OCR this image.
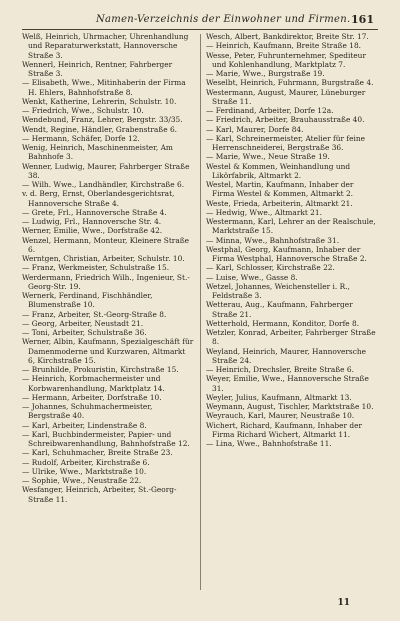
Namen-Verzeichnis der Einwohner und Firmen. 161

Welß, Heinrich, Uhrmacher, Uhrenhandlung und Reparaturwerkstatt, Hannoversche Straße 3.

Wennerl, Heinrich, Rentner, Fahrberger Straße 3.

— Elisabeth, Wwe., Mitinhaberin der Firma H. Ehlers, Bahnhofstraße 8.

Wenkt, Katherine, Lehrerin, Schulstr. 10.

— Friedrich, Wwe., Schulstr. 10.

Wendebund, Franz, Lehrer, Bergstr. 33/35.

Wendt, Regine, Händler, Grabenstraße 6.

— Hermann, Schäfer, Dorfe 12.

Wenig, Heinrich, Maschinenmeister, Am Bahnhofe 3.

Wenner, Ludwig, Maurer, Fahrberger Straße 38.

— Wilh. Wwe., Landhändler, Kirchstraße 6.

v. d. Berg, Ernst, Oberlandesgerichtsrat, Hannoversche Straße 4.

— Grete, Frl., Hannoversche Straße 4.

— Ludwig, Frl., Hannoversche Str. 4.

Werner, Emilie, Wwe., Dorfstraße 42.

Wenzel, Hermann, Monteur, Kleinere Straße 6.

Werntgen, Christian, Arbeiter, Schulstr. 10.

— Franz, Werkmeister, Schulstraße 15.

Werdermann, Friedrich Wilh., Ingenieur, St.-Georg-Str. 19.

Wernerk, Ferdinand, Fischhändler, Blumenstraße 10.

— Franz, Arbeiter, St.-Georg-Straße 8.

— Georg, Arbeiter, Neustadt 21.

— Toni, Arbeiter, Schulstraße 36.

Werner, Albin, Kaufmann, Spezialgeschäft für Damenmoderne und Kurzwaren, Altmarkt 6, Kirchstraße 15.

— Brunhilde, Prokuristin, Kirchstraße 15.

— Heinrich, Korbmachermeister und Korbwarenhandlung, Marktplatz 14.

— Hermann, Arbeiter, Dorfstraße 10.

— Johannes, Schuhmachermeister, Bergstraße 40.

— Karl, Arbeiter, Lindenstraße 8.

— Karl, Buchbindermeister, Papier- und Schreibwarenhandlung, Bahnhofstraße 12.

— Karl, Schuhmacher, Breite Straße 23.

— Rudolf, Arbeiter, Kirchstraße 6.

— Ulrike, Wwe., Marktstraße 10.

— Sophie, Wwe., Neustraße 22.

Wesfanger, Heinrich, Arbeiter, St.-Georg-Straße 11.

Wesch, Albert, Bankdirektor, Breite Str. 17.

— Heinrich, Kaufmann, Breite Straße 18.

Wesse, Peter, Fuhrunternehmer, Spediteur und Kohlenhandlung, Marktplatz 7.

— Marie, Wwe., Burgstraße 19.

Weselbt, Heinrich, Fuhrmann, Burgstraße 4.

Westermann, August, Maurer, Lüneburger Straße 11.

— Ferdinand, Arbeiter, Dorfe 12a.

— Friedrich, Arbeiter, Brauhausstraße 40.

— Karl, Maurer, Dorfe 84.

— Karl, Schreinermeister, Atelier für feine Herrenschneiderei, Bergstraße 36.

— Marie, Wwe., Neue Straße 19.

Westel & Kommen, Weinhandlung und Likörfabrik, Altmarkt 2.

Westel, Martin, Kaufmann, Inhaber der Firma Westel & Kommen, Altmarkt 2.

Weste, Frieda, Arbeiterin, Altmarkt 21.

— Hedwig, Wwe., Altmarkt 21.

Westermann, Karl, Lehrer an der Realschule, Marktstraße 15.

— Minna, Wwe., Bahnhofstraße 31.

Westphal, Georg, Kaufmann, Inhaber der Firma Westphal, Hannoversche Straße 2.

— Karl, Schlosser, Kirchstraße 22.

— Luise, Wwe., Gasse 8.

Wetzel, Johannes, Weichensteller i. R., Feldstraße 3.

Wetterau, Aug., Kaufmann, Fahrberger Straße 21.

Wetterhold, Hermann, Konditor, Dorfe 8.

Wetzler, Konrad, Arbeiter, Fahrberger Straße 8.

Weyland, Heinrich, Maurer, Hannoversche Straße 24.

— Heinrich, Drechsler, Breite Straße 6.

Weyer, Emilie, Wwe., Hannoversche Straße 31.

Weyler, Julius, Kaufmann, Altmarkt 13.

Weymann, August, Tischler, Marktstraße 10.

Weyrauch, Karl, Maurer, Neustraße 10.

Wichert, Richard, Kaufmann, Inhaber der Firma Richard Wichert, Altmarkt 11.

— Lina, Wwe., Bahnhofstraße 11.

11
